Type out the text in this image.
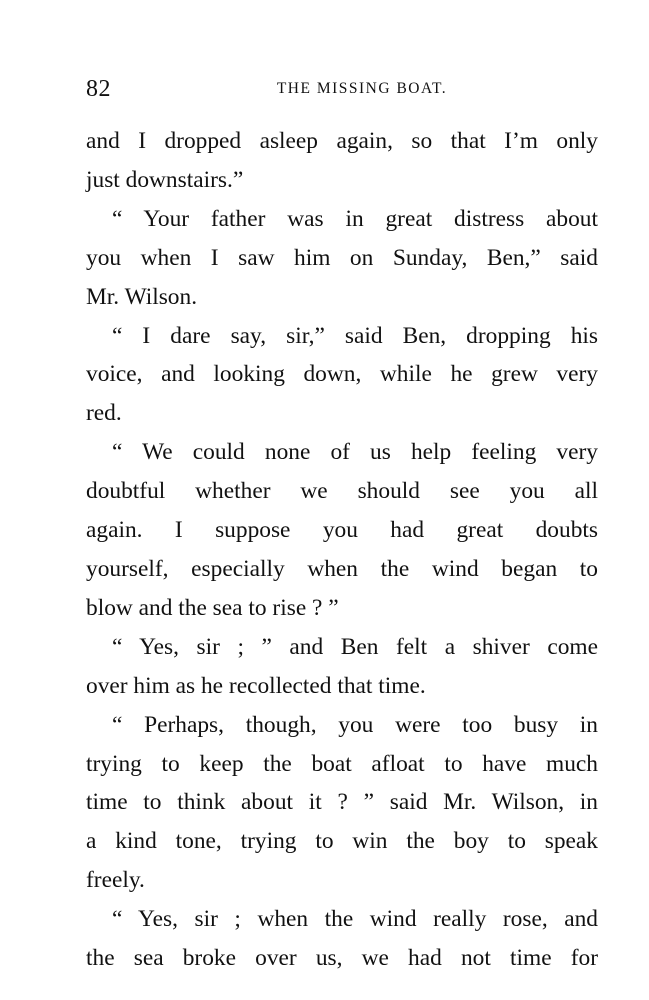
82	THE MISSING BOAT.
and I dropped asleep again, so that I’m only
just downstairs.”
“ Your father was in great distress about
you when I saw him on Sunday, Ben,” said
Mr. Wilson.
“ I dare say, sir,” said Ben, dropping his
voice, and looking down, while he grew very
red.
“ We could none of us help feeling very
doubtful whether we should see you all
again. I suppose you had great doubts
yourself, especially when the wind began to
blow and the sea to rise ? ”
“ Yes, sir ; ” and Ben felt a shiver come
over him as he recollected that time.
“ Perhaps, though, you were too busy in
trying to keep the boat afloat to have much
time to think about it ? ” said Mr. Wilson, in
a kind tone, trying to win the boy to speak
freely.
“ Yes, sir ; when the wind really rose, and
the sea broke over us, we had not time for
